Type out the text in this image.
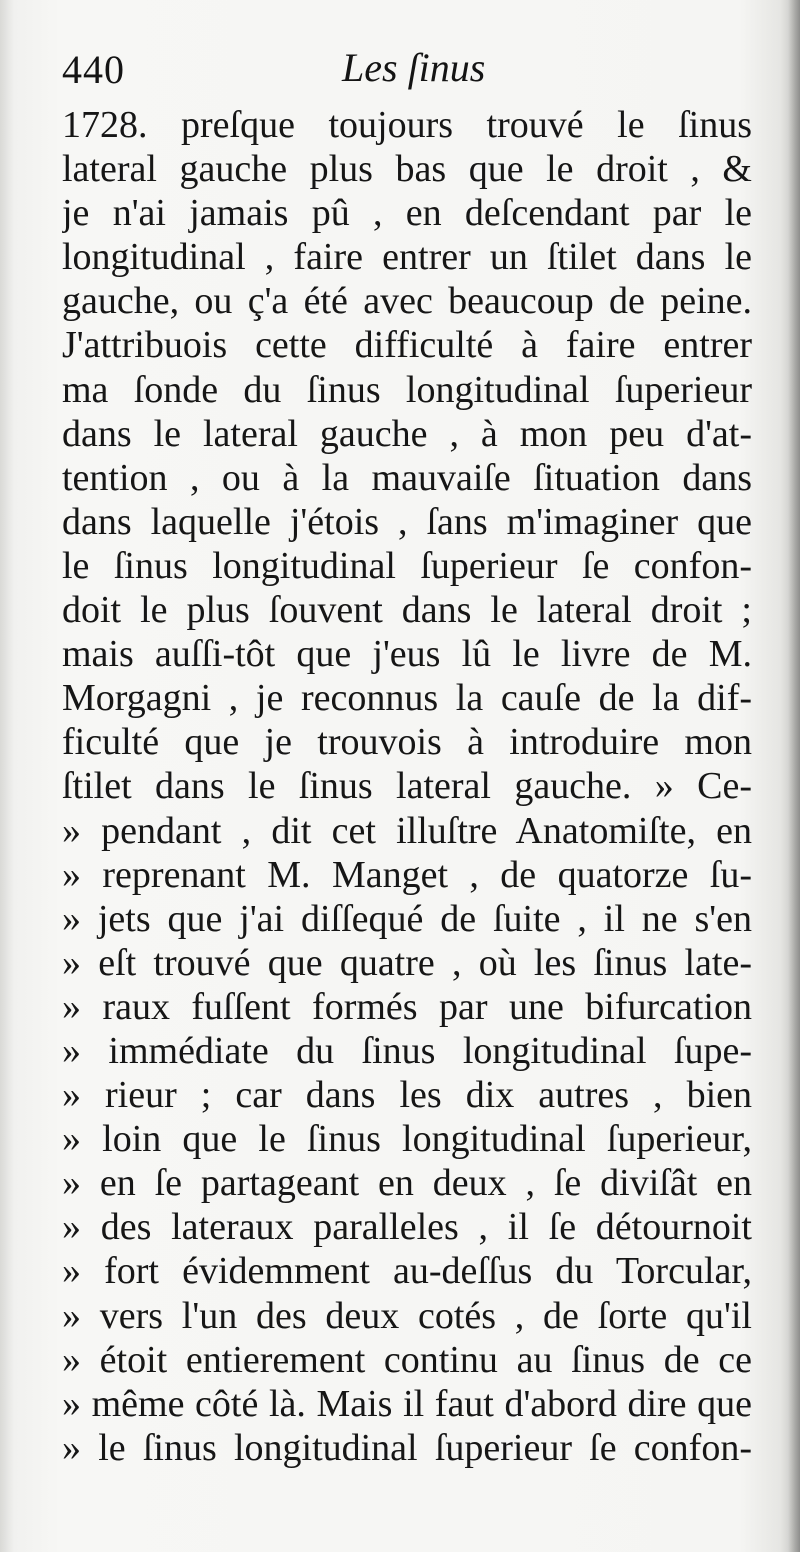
440	Les ſinus
1728. preſque toujours trouvé le ſinus
lateral gauche plus bas que le droit , &
je n'ai jamais pû , en deſcendant par le
longitudinal , faire entrer un ſtilet dans le
gauche, ou ç'a été avec beaucoup de peine.
J'attribuois cette difficulté à faire entrer
ma ſonde du ſinus longitudinal ſuperieur
dans le lateral gauche , à mon peu d'at-
tention , ou à la mauvaiſe ſituation dans
dans laquelle j'étois , ſans m'imaginer que
le ſinus longitudinal ſuperieur ſe confon-
doit le plus ſouvent dans le lateral droit ;
mais auſſi-tôt que j'eus lû le livre de M.
Morgagni , je reconnus la cauſe de la dif-
ficulté que je trouvois à introduire mon
ſtilet dans le ſinus lateral gauche. » Ce-
» pendant , dit cet illuſtre Anatomiſte, en
» reprenant M. Manget , de quatorze ſu-
» jets que j'ai diſſequé de ſuite , il ne s'en
» eſt trouvé que quatre , où les ſinus late-
» raux fuſſent formés par une bifurcation
» immédiate du ſinus longitudinal ſupe-
» rieur ; car dans les dix autres , bien
» loin que le ſinus longitudinal ſuperieur,
» en ſe partageant en deux , ſe diviſât en
» des lateraux paralleles , il ſe détournoit
» fort évidemment au-deſſus du Torcular,
» vers l'un des deux cotés , de ſorte qu'il
» étoit entierement continu au ſinus de ce
» même côté là. Mais il faut d'abord dire que
» le ſinus longitudinal ſuperieur ſe confon-
